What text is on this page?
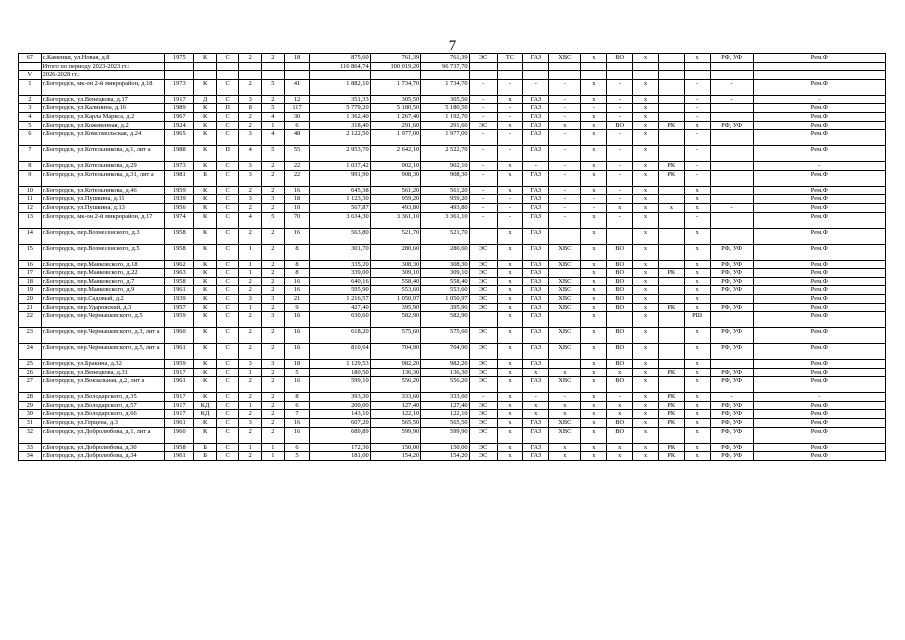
7
67	с.Каменки, ул.Новая, д.8	1975	К	С	2	2	18	875,60	761,39	761,39	ЭС	ТС	ГАЗ	ХВС	х	ВО	х		х	РФ, УФ	Рем.Ф
	Итого по периоду 2023-2023 гг.:							116 864,74	100 019,20	96 737,70											
V	2026-2028 гг.:																				
1	г.Богородск, мк-он 2-й микрорайон, д.18	1973	К	С	2	5	41	1 882,10	1 734,70	1 734,70	-	-	-	-	х	-	х		-	-	Рем.Ф
2	г.Богородск, ул.Венецкова, д.17	1917	Д	С	3	2	12	351,33	305,50	305,50	-	х	ГАЗ	-	х	-	х		-	-	-
3	г.Богородск, ул.Калинина, д.16	1989	К	П	8	5	117	5 779,20	5 180,50	5 180,50	-	-	ГАЗ	-	-	-	х		-		Рем.Ф
4	г.Богородск, ул.Карла Маркса, д.2	1967	К	С	2	4	30	1 362,40	1 267,40	1 192,70	-	-	ГАЗ	-	х	-	х		-		Рем.Ф
5	г.Богородск, ул.Кожевенная, д.2	1924	К	С	2	1	6	318,40	291,60	291,60	ЭС	х	ГАЗ	х	х	ВО	х	РК	х	РФ, УФ	Рем.Ф
6	г.Богородск, ул.Комсомольская, д.24	1965	К	С	3	4	48	2 122,50	1 977,00	1 977,00	-	-	ГАЗ	-	х	-	х		-		Рем.Ф
7	г.Богородск, ул.Котельникова, д.1, лит а	1988	К	П	4	5	55	2 953,70	2 642,10	2 522,70	-	-	ГАЗ	-	х	-	х		-		Рем.Ф
8	г.Богородск, ул.Котельникова, д.29	1973	К	С	3	2	22	1 037,42	902,10	902,10	-	х	-	-	х	-	х	РК	-		-
9	г.Богородск, ул.Котельникова, д.31, лит а	1981	Б	С	3	2	22	991,90	908,30	908,30	-	х	ГАЗ	-	х	-	х	РК	-		Рем.Ф
10	г.Богородск, ул.Котельникова, д.46	1959	К	С	2	2	16	645,38	561,20	561,20	-	х	ГАЗ	-	х	-	х		х		Рем.Ф
11	г.Богородск, ул.Пушкина, д.11	1939	К	С	3	3	18	1 123,30	959,20	959,20	-	-	ГАЗ	-	-	-	х		х		Рем.Ф
12	г.Богородск, ул.Пушкина, д.13	1956	К	С	2	2	10	567,87	493,80	493,80	-	-	ГАЗ	-	-	х	х	х	х	-	Рем.Ф
13	г.Богородск, мк-он 2-й микрорайон, д.17	1974	К	С	4	5	70	3 634,30	3 361,10	3 361,10	-	-	ГАЗ	-	х	-	х		-		Рем.Ф
14	г.Богородск, пер.Вознесенского, д.3	1958	К	С	2	2	16	563,80	521,70	521,70		х	ГАЗ		х		х		х		Рем.Ф
15	г.Богородск, пер.Вознесенского, д.5	1958	К	С	1	2	8	301,70	280,60	280,60	ЭС	х	ГАЗ	ХВС	х	ВО	х		х	РФ, УФ	Рем.Ф
16	г.Богородск, пер.Маяковского, д.18	1962	К	С	1	2	8	335,20	308,30	308,30	ЭС	х	ГАЗ	ХВС	х	ВО	х		х	РФ, УФ	Рем.Ф
17	г.Богородск, пер.Маяковского, д.22	1963	К	С	1	2	8	339,00	309,10	309,10	ЭС	х	ГАЗ		х	ВО	х	РК	х	РФ, УФ	Рем.Ф
18	г.Богородск, пер.Маяковского, д.7	1958	К	С	2	2	16	640,16	558,40	558,40	ЭС	х	ГАЗ	ХВС	х	ВО	х		х	РФ, УФ	Рем.Ф
19	г.Богородск, пер.Маяковского, д.9	1961	К	С	2	2	16	595,90	553,60	553,60	ЭС	х	ГАЗ	ХВС	х	ВО	х		х	РФ, УФ	Рем.Ф
20	г.Богородск, пер.Садовый, д.2	1939	К	С	3	3	21	1 216,57	1 050,97	1 050,97	ЭС	х	ГАЗ	ХВС	х	ВО	х		х		Рем.Ф
21	г.Богородск, пер.Ударовский, д.3	1957	К	С	1	2	9	427,40	395,90	395,90	ЭС	х	ГАЗ	ХВС	х	ВО	х	РК	х	РФ, УФ	Рем.Ф
22	г.Богородск, пер.Чернышевского, д.5	1959	К	С	2	3	16	630,60	582,90	582,90		х	ГАЗ		х		х		РШ		Рем.Ф
23	г.Богородск, пер.Чернышевского, д.3, лит а	1960	К	С	2	2	16	618,20	575,60	575,60	ЭС	х	ГАЗ	ХВС	х	ВО	х		х	РФ, УФ	Рем.Ф
24	г.Богородск, пер.Чернышевского, д.5, лит а	1961	К	С	2	2	16	810,64	704,90	704,90	ЭС	х	ГАЗ	ХВС	х	ВО	х		х	РФ, УФ	Рем.Ф
25	г.Богородск, ул.Бракина, д.32	1959	К	С	3	3	18	1 129,53	982,20	982,20	ЭС	х	ГАЗ		х	ВО	х		х		Рем.Ф
26	г.Богородск, ул.Венецкова, д.31	1917	К	С	1	2	5	180,50	136,30	136,30	ЭС	х	х	х	х	х	х	РК	х	РФ, УФ	Рем.Ф
27	г.Богородск, ул.Вокзальная, д.2, лит а	1961	К	С	2	2	16	599,10	556,20	556,20	ЭС	х	ГАЗ	ХВС	х	ВО	х		х	РФ, УФ	Рем.Ф
28	г.Богородск, ул.Володарского, д.35	1917	К	С	2	2	8	393,30	333,60	333,60	-	х	-	-	х	-	х	РК	х	-	-
29	г.Богородск, ул.Володарского, д.57	1917	КД	С	1	2	6	200,00	127,40	127,40	ЭС	х	х	х	х	х	х	РК	х	РФ, УФ	Рем.Ф
30	г.Богородск, ул.Володарского, д.66	1917	КД	С	2	2	7	143,10	122,10	122,10	ЭС	х	х	х	х	х	х	РК	х	РФ, УФ	Рем.Ф
31	г.Богородск, ул.Герцена, д.3	1961	К	С	3	2	16	607,20	565,50	565,50	ЭС	х	ГАЗ	ХВС	х	ВО	х	РК	х	РФ, УФ	Рем.Ф
32	г.Богородск, ул.Добролюбова, д.1, лит а	1960	К	С	2	2	16	689,89	599,90	599,90	ЭС	х	ГАЗ	ХВС	х	ВО	х		х	РФ, УФ	Рем.Ф
33	г.Богородск, ул.Добролюбова, д.30	1958	Б	С	1	1	6	172,30	150,00	150,00	ЭС	х	ГАЗ	х	х	х	х	РК	х	РФ, УФ	Рем.Ф
34	г.Богородск, ул.Добролюбова, д.34	1961	Б	С	2	1	5	181,00	154,20	154,20	ЭС	х	ГАЗ	х	х	х	х	РК	х	РФ, УФ	Рем.Ф
